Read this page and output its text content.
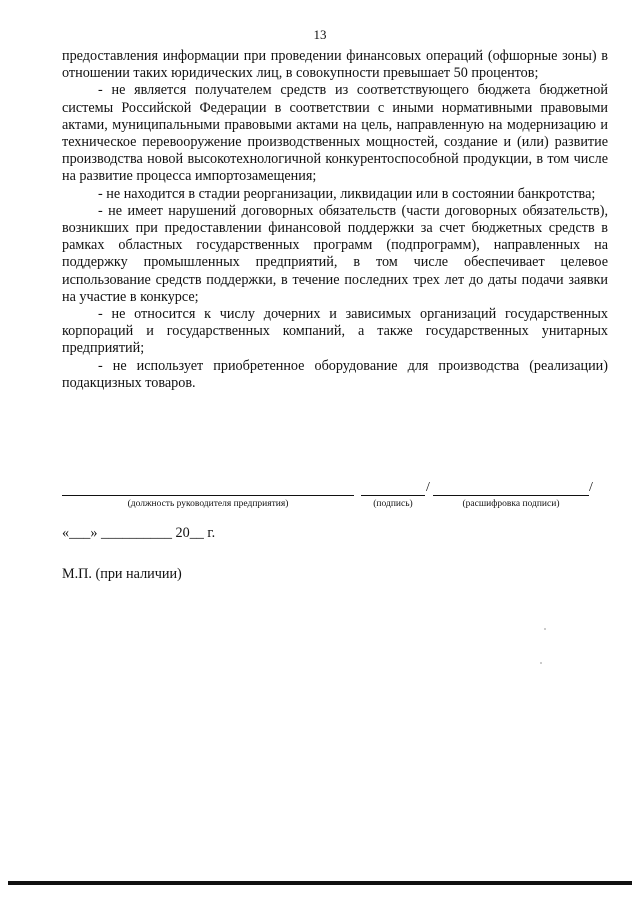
13

предоставления информации при проведении финансовых операций (офшорные зоны) в отношении таких юридических лиц, в совокупности превышает 50 процентов;

- не является получателем средств из соответствующего бюджета бюджетной системы Российской Федерации в соответствии с иными нормативными правовыми актами, муниципальными правовыми актами на цель, направленную на модернизацию и техническое перевооружение производственных мощностей, создание и (или) развитие производства новой высокотехнологичной конкурентоспособной продукции, в том числе на развитие процесса импортозамещения;

- не находится в стадии реорганизации, ликвидации или в состоянии банкротства;

- не имеет нарушений договорных обязательств (части договорных обязательств), возникших при предоставлении финансовой поддержки за счет бюджетных средств в рамках областных государственных программ (подпрограмм), направленных на поддержку промышленных предприятий, в том числе обеспечивает целевое использование средств поддержки, в течение последних трех лет до даты подачи заявки на участие в конкурсе;

- не относится к числу дочерних и зависимых организаций государственных корпораций и государственных компаний, а также государственных унитарных предприятий;

- не использует приобретенное оборудование для производства (реализации) подакцизных товаров.

/	/
(должность руководителя предприятия)	(подпись)	(расшифровка подписи)
«___» __________ 20__ г.
М.П. (при наличии)
